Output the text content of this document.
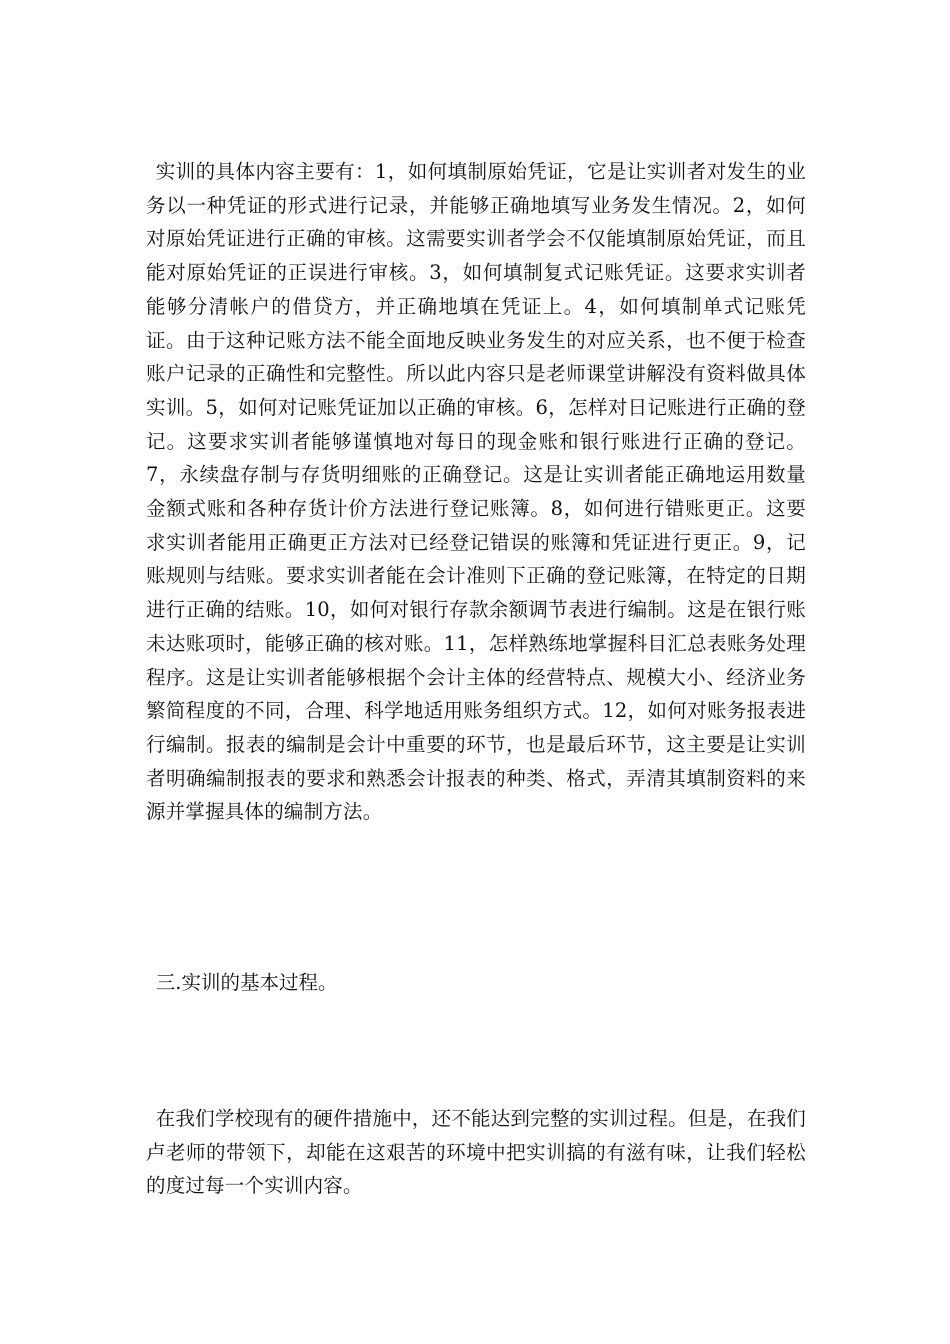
实训的具体内容主要有：1，如何填制原始凭证，它是让实训者对发生的业务以一种凭证的形式进行记录，并能够正确地填写业务发生情况。2，如何对原始凭证进行正确的审核。这需要实训者学会不仅能填制原始凭证，而且能对原始凭证的正误进行审核。3，如何填制复式记账凭证。这要求实训者能够分清帐户的借贷方，并正确地填在凭证上。4，如何填制单式记账凭证。由于这种记账方法不能全面地反映业务发生的对应关系，也不便于检查账户记录的正确性和完整性。所以此内容只是老师课堂讲解没有资料做具体实训。5，如何对记账凭证加以正确的审核。6，怎样对日记账进行正确的登记。这要求实训者能够谨慎地对每日的现金账和银行账进行正确的登记。7，永续盘存制与存货明细账的正确登记。这是让实训者能正确地运用数量金额式账和各种存货计价方法进行登记账簿。8，如何进行错账更正。这要求实训者能用正确更正方法对已经登记错误的账簿和凭证进行更正。9，记账规则与结账。要求实训者能在会计准则下正确的登记账簿，在特定的日期进行正确的结账。10，如何对银行存款余额调节表进行编制。这是在银行账未达账项时，能够正确的核对账。11，怎样熟练地掌握科目汇总表账务处理程序。这是让实训者能够根据个会计主体的经营特点、规模大小、经济业务繁简程度的不同，合理、科学地适用账务组织方式。12，如何对账务报表进行编制。报表的编制是会计中重要的环节，也是最后环节，这主要是让实训者明确编制报表的要求和熟悉会计报表的种类、格式，弄清其填制资料的来源并掌握具体的编制方法。

三.实训的基本过程。

在我们学校现有的硬件措施中，还不能达到完整的实训过程。但是，在我们卢老师的带领下，却能在这艰苦的环境中把实训搞的有滋有味，让我们轻松的度过每一个实训内容。
